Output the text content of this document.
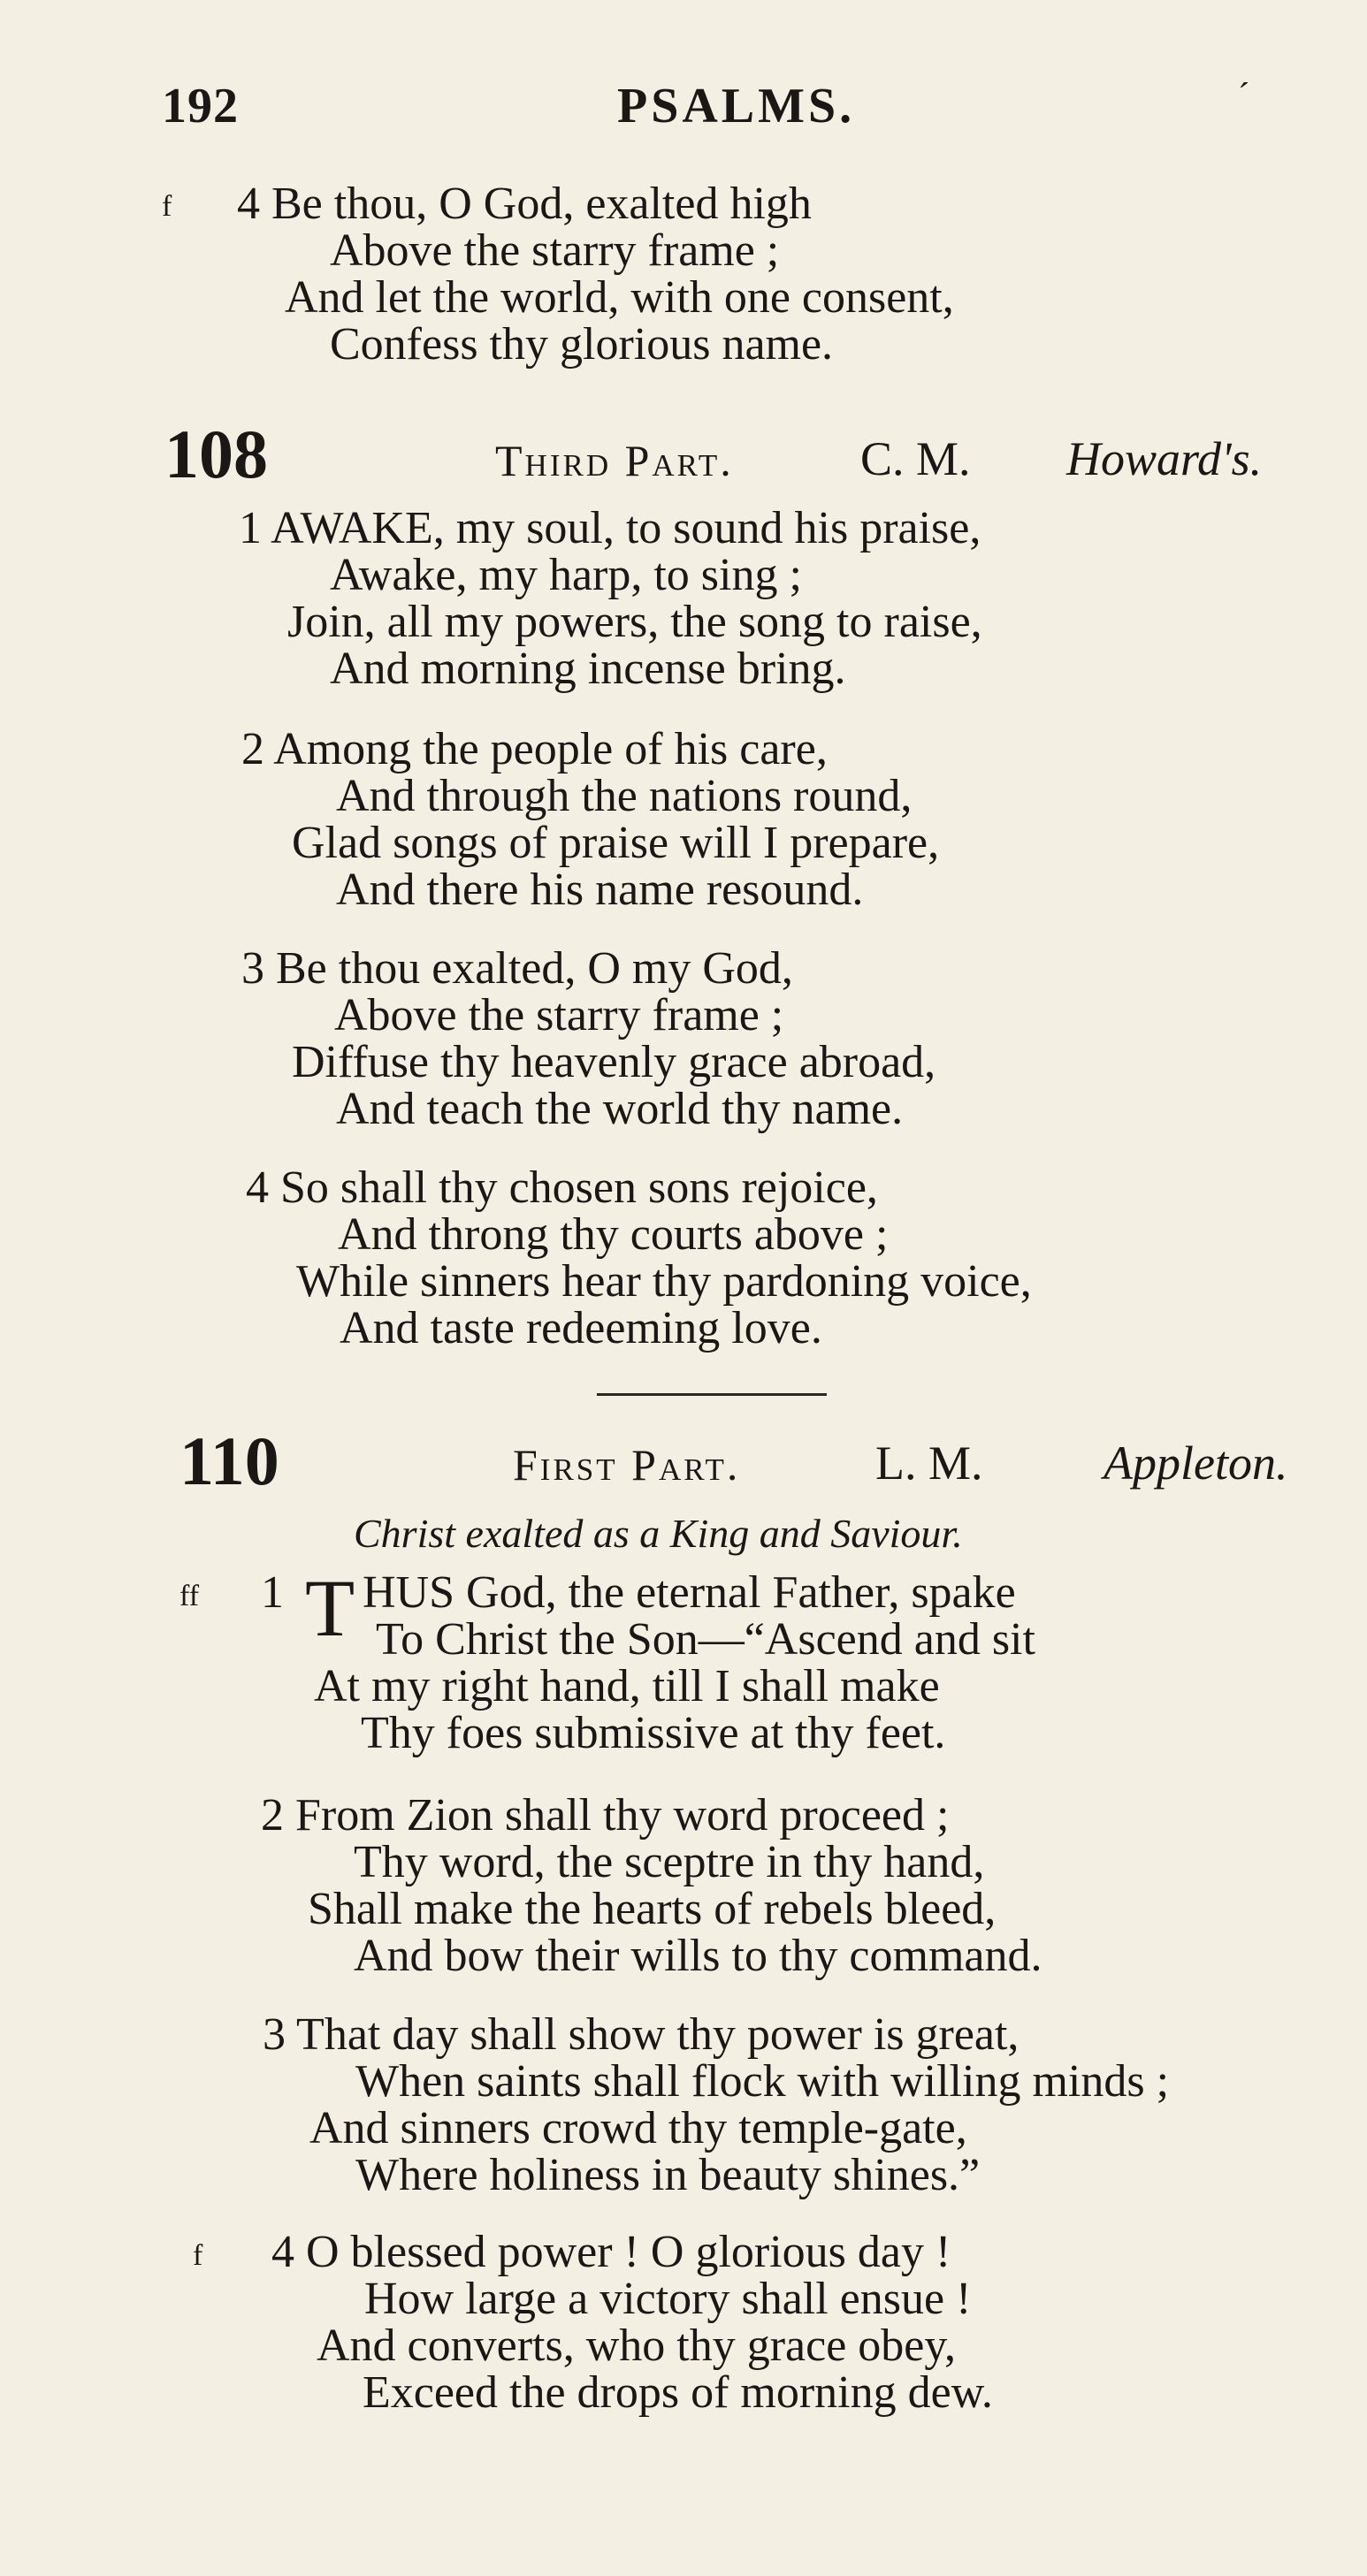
192	PSALMS.	´
f 4 Be thou, O God, exalted high
Above the starry frame ;
And let the world, with one consent,
Confess thy glorious name.
108	Third Part.	C. M. Howard's.
1 AWAKE, my soul, to sound his praise,
Awake, my harp, to sing ;
Join, all my powers, the song to raise,
And morning incense bring.
2 Among the people of his care,
And through the nations round,
Glad songs of praise will I prepare,
And there his name resound.
3 Be thou exalted, O my God,
Above the starry frame ;
Diffuse thy heavenly grace abroad,
And teach the world thy name.
4 So shall thy chosen sons rejoice,
And throng thy courts above ;
While sinners hear thy pardoning voice,
And taste redeeming love.
110	First Part.	L. M.	Appleton.
Christ exalted as a King and Saviour.
ff 1 T HUS God, the eternal Father, spake
To Christ the Son—“Ascend and sit
At my right hand, till I shall make
Thy foes submissive at thy feet.
2 From Zion shall thy word proceed ;
Thy word, the sceptre in thy hand,
Shall make the hearts of rebels bleed,
And bow their wills to thy command.
3 That day shall show thy power is great,
When saints shall flock with willing minds ;
And sinners crowd thy temple-gate,
Where holiness in beauty shines.”
f 4 O blessed power ! O glorious day !
How large a victory shall ensue !
And converts, who thy grace obey,
Exceed the drops of morning dew.
